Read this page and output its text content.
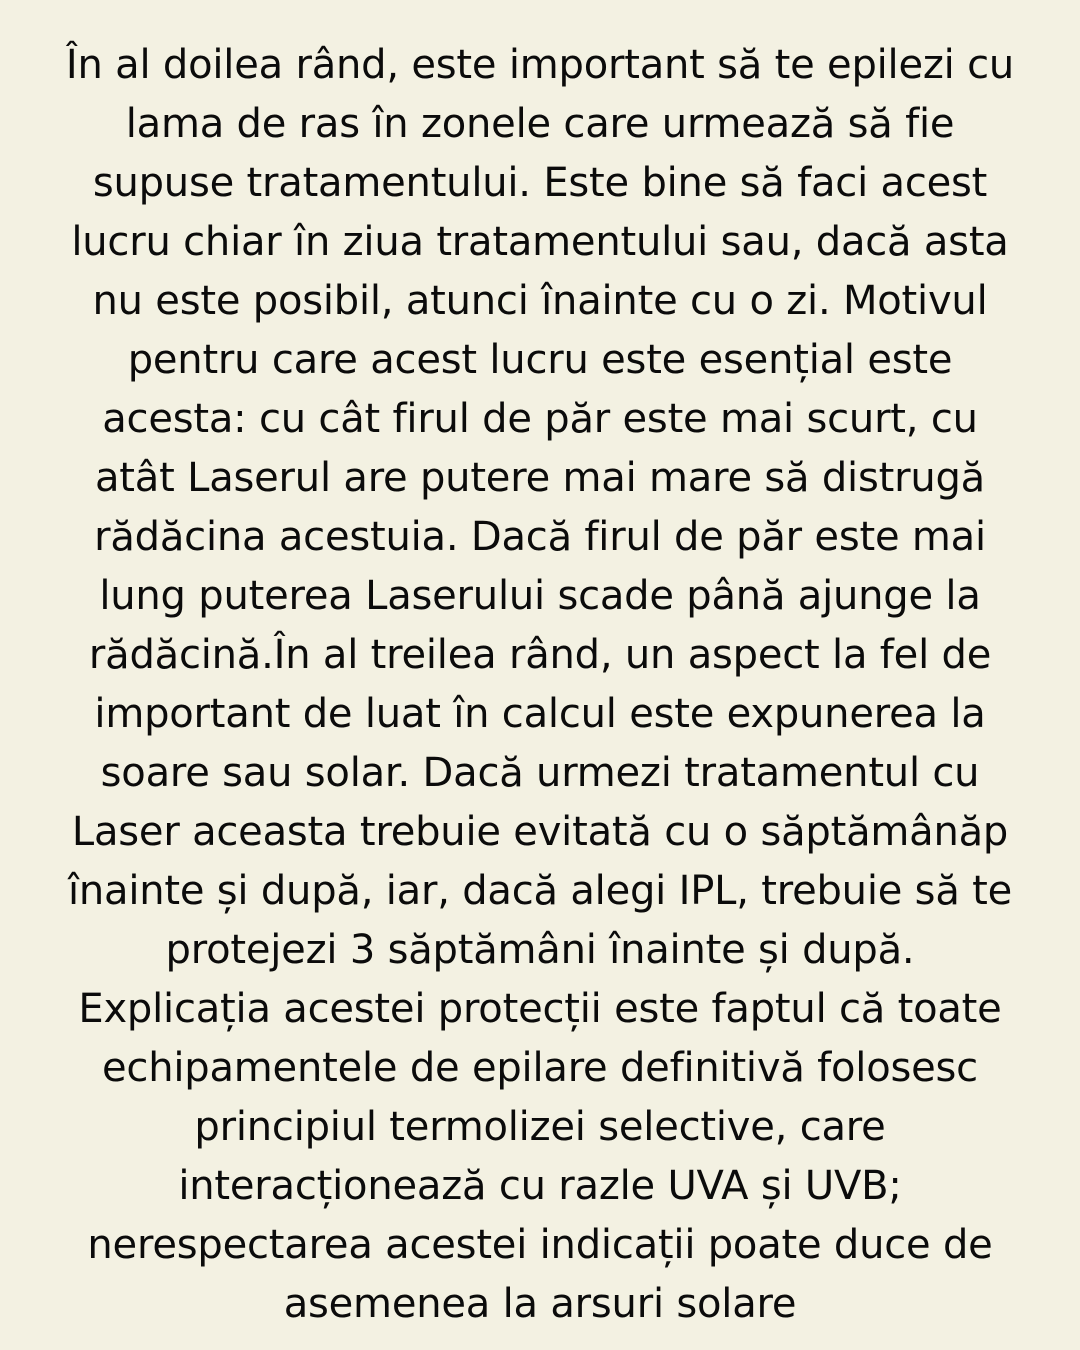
În al doilea rând, este important să te epilezi cu
lama de ras în zonele care urmează să fie
supuse tratamentului. Este bine să faci acest
lucru chiar în ziua tratamentului sau, dacă asta
nu este posibil, atunci înainte cu o zi. Motivul
pentru care acest lucru este esențial este
acesta: cu cât firul de păr este mai scurt, cu
atât Laserul are putere mai mare să distrugă
rădăcina acestuia. Dacă firul de păr este mai
lung puterea Laserului scade până ajunge la
rădăcină.În al treilea rând, un aspect la fel de
important de luat în calcul este expunerea la
soare sau solar. Dacă urmezi tratamentul cu
Laser aceasta trebuie evitată cu o săptămânăp
înainte și după, iar, dacă alegi IPL, trebuie să te
protejezi 3 săptămâni înainte și după.
Explicația acestei protecții este faptul că toate
echipamentele de epilare definitivă folosesc
principiul termolizei selective, care
interacționează cu razle UVA și UVB;
nerespectarea acestei indicații poate duce de
asemenea la arsuri solare
